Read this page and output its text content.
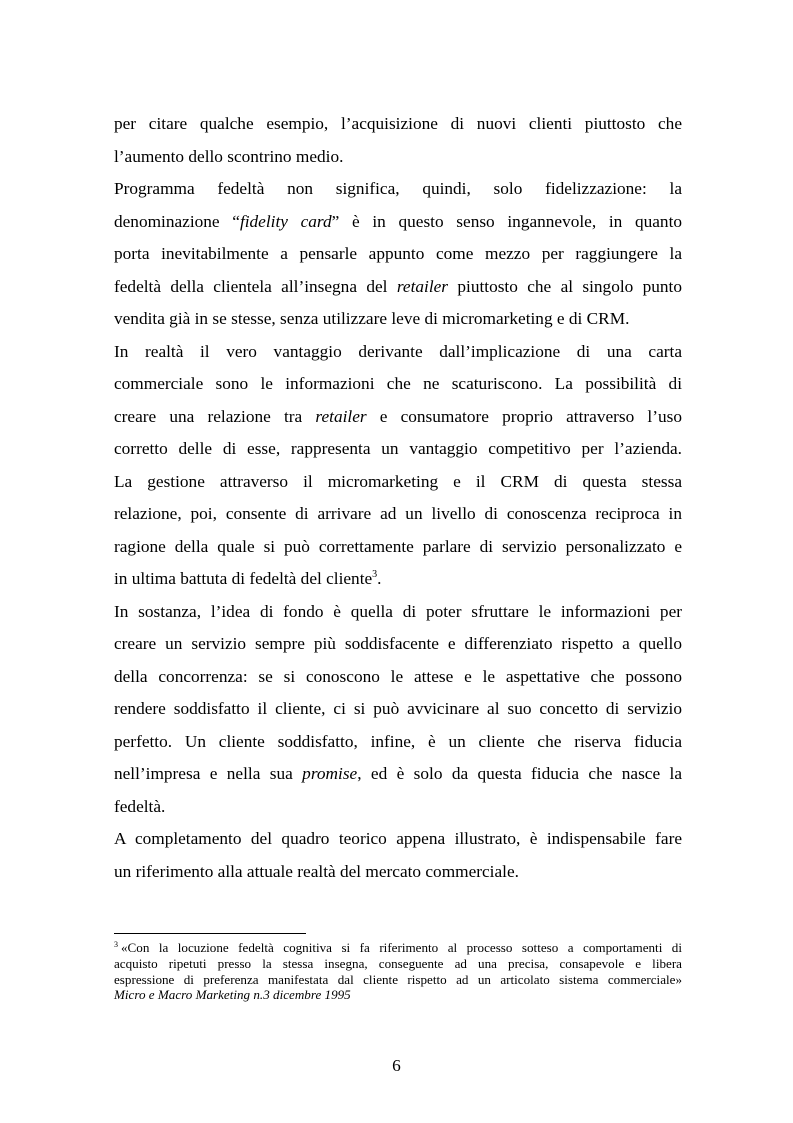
per citare qualche esempio, l’acquisizione di nuovi clienti piuttosto che
l’aumento dello scontrino medio.
Programma fedeltà non significa, quindi, solo fidelizzazione: la
denominazione “fidelity card” è in questo senso ingannevole, in quanto
porta inevitabilmente a pensarle appunto come mezzo per raggiungere la
fedeltà della clientela all’insegna del retailer piuttosto che al singolo punto
vendita già in se stesse, senza utilizzare leve di micromarketing e di CRM.
In realtà il vero vantaggio derivante dall’implicazione di una carta
commerciale sono le informazioni che ne scaturiscono. La possibilità di
creare una relazione tra retailer e consumatore proprio attraverso l’uso
corretto delle di esse, rappresenta un vantaggio competitivo per l’azienda.
La gestione attraverso il micromarketing e il CRM di questa stessa
relazione, poi, consente di arrivare ad un livello di conoscenza reciproca in
ragione della quale si può correttamente parlare di servizio personalizzato e
in ultima battuta di fedeltà del cliente$^3$.
In sostanza, l’idea di fondo è quella di poter sfruttare le informazioni per
creare un servizio sempre più soddisfacente e differenziato rispetto a quello
della concorrenza: se si conoscono le attese e le aspettative che possono
rendere soddisfatto il cliente, ci si può avvicinare al suo concetto di servizio
perfetto. Un cliente soddisfatto, infine, è un cliente che riserva fiducia
nell’impresa e nella sua promise, ed è solo da questa fiducia che nasce la
fedeltà.
A completamento del quadro teorico appena illustrato, è indispensabile fare
un riferimento alla attuale realtà del mercato commerciale.
$^3$ «Con la locuzione fedeltà cognitiva si fa riferimento al processo sotteso a comportamenti di
acquisto ripetuti presso la stessa insegna, conseguente ad una precisa, consapevole e libera
espressione di preferenza manifestata dal cliente rispetto ad un articolato sistema commerciale»
Micro e Macro Marketing n.3 dicembre 1995
6
